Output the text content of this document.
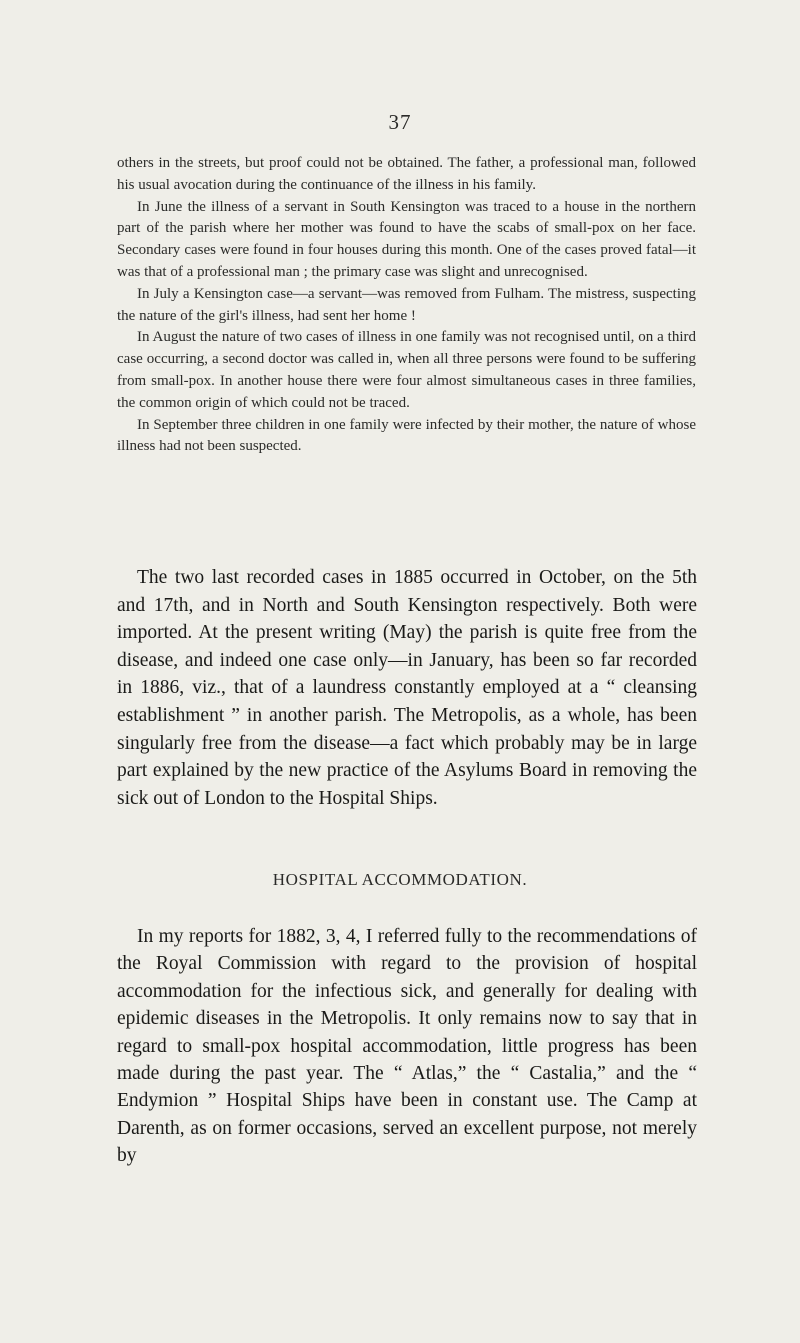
37

others in the streets, but proof could not be obtained. The father, a professional man, followed his usual avocation during the continuance of the illness in his family.

In June the illness of a servant in South Kensington was traced to a house in the northern part of the parish where her mother was found to have the scabs of small-pox on her face. Secondary cases were found in four houses during this month. One of the cases proved fatal—it was that of a professional man ; the primary case was slight and unrecognised.

In July a Kensington case—a servant—was removed from Fulham. The mistress, suspecting the nature of the girl's illness, had sent her home !

In August the nature of two cases of illness in one family was not recognised until, on a third case occurring, a second doctor was called in, when all three persons were found to be suffering from small-pox. In another house there were four almost simultaneous cases in three families, the common origin of which could not be traced.

In September three children in one family were infected by their mother, the nature of whose illness had not been suspected.

The two last recorded cases in 1885 occurred in October, on the 5th and 17th, and in North and South Kensington respectively. Both were imported. At the present writing (May) the parish is quite free from the disease, and indeed one case only—in January, has been so far recorded in 1886, viz., that of a laundress constantly employed at a “ cleansing establishment ” in another parish. The Metropolis, as a whole, has been singularly free from the disease—a fact which probably may be in large part explained by the new practice of the Asylums Board in removing the sick out of London to the Hospital Ships.

HOSPITAL ACCOMMODATION.

In my reports for 1882, 3, 4, I referred fully to the recommendations of the Royal Commission with regard to the provision of hospital accommodation for the infectious sick, and generally for dealing with epidemic diseases in the Metropolis. It only remains now to say that in regard to small-pox hospital accommodation, little progress has been made during the past year. The “ Atlas,” the “ Castalia,” and the “ Endymion ” Hospital Ships have been in constant use. The Camp at Darenth, as on former occasions, served an excellent purpose, not merely by
